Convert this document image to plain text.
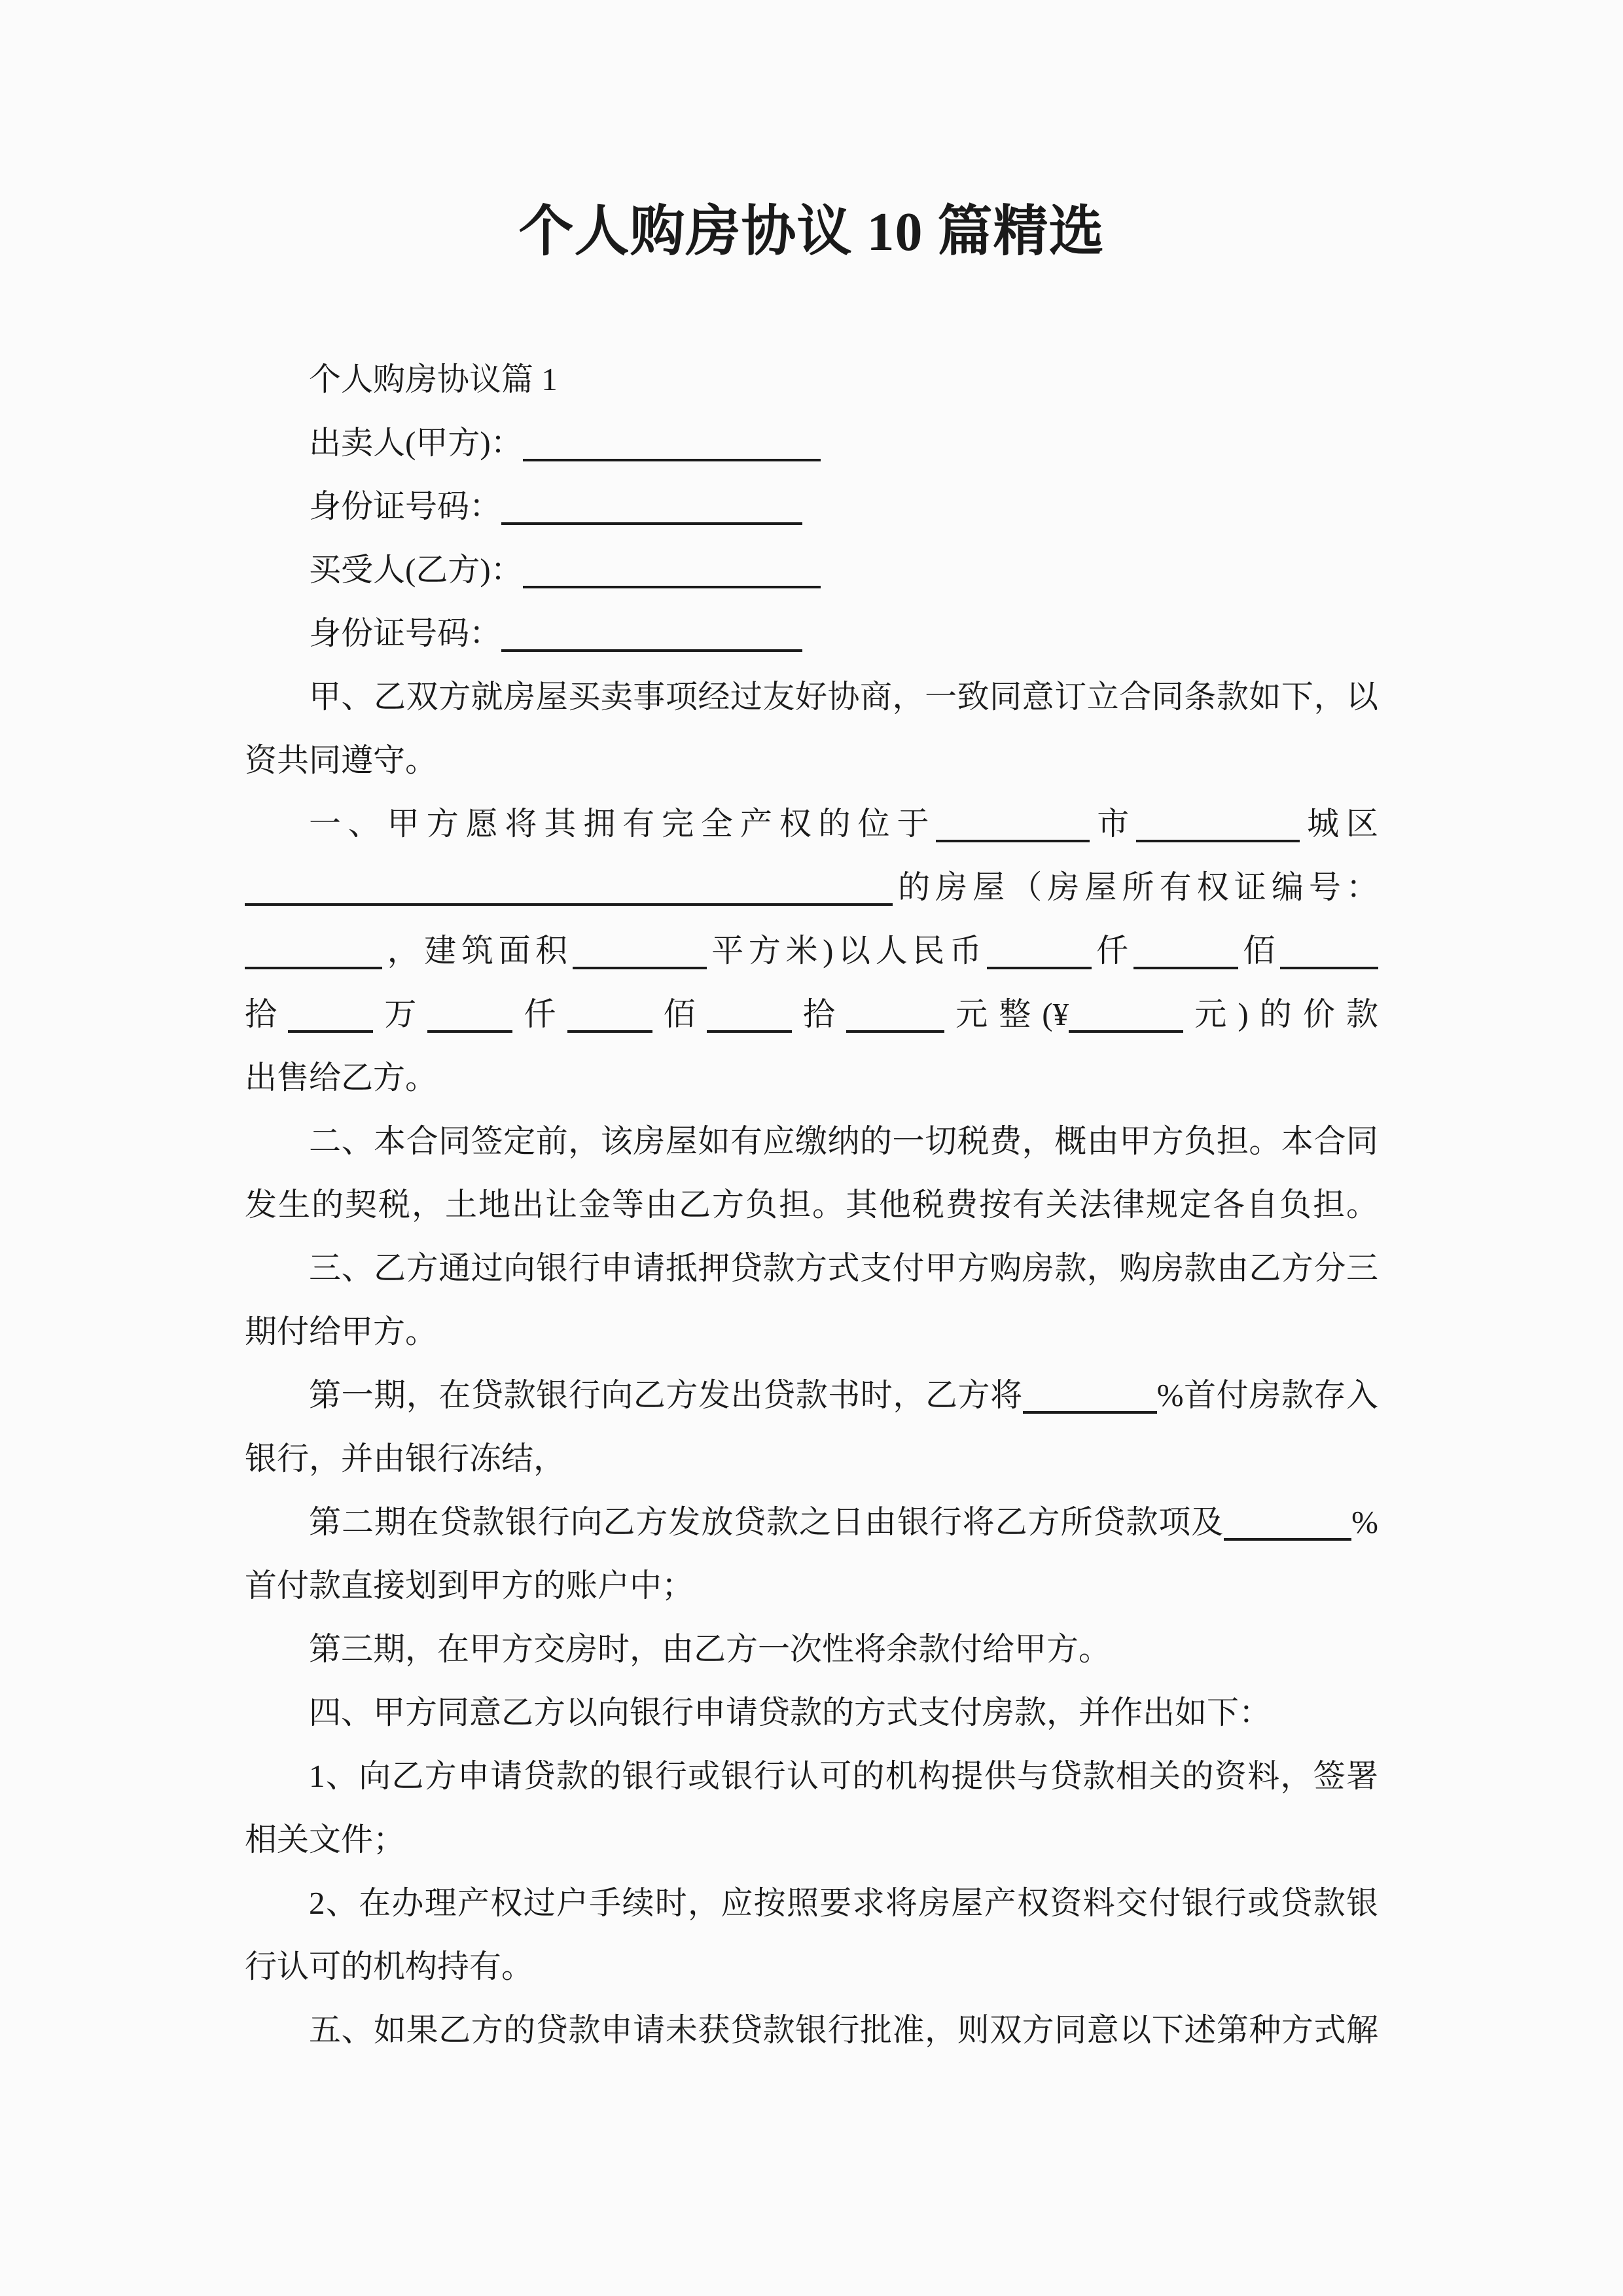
个人购房协议 10 篇精选
个人购房协议篇 1
出卖人(甲方)：
身份证号码：
买受人(乙方)：
身份证号码：
甲、乙双方就房屋买卖事项经过友好协商，一致同意订立合同条款如下，以
资共同遵守。
一、甲方愿将其拥有完全产权的位于	市	城区
的房屋（房屋所有权证编号：
，建筑面积	平方米)以人民币	仟	佰
拾	万	仟	佰	拾	元整(¥	元)的价款
出售给乙方。
二、本合同签定前，该房屋如有应缴纳的一切税费，概由甲方负担。本合同
发生的契税，土地出让金等由乙方负担。其他税费按有关法律规定各自负担。
三、乙方通过向银行申请抵押贷款方式支付甲方购房款，购房款由乙方分三
期付给甲方。
第一期，在贷款银行向乙方发出贷款书时，乙方将	%首付房款存入
银行，并由银行冻结，
第二期在贷款银行向乙方发放贷款之日由银行将乙方所贷款项及	%
首付款直接划到甲方的账户中；
第三期，在甲方交房时，由乙方一次性将余款付给甲方。
四、甲方同意乙方以向银行申请贷款的方式支付房款，并作出如下：
1、向乙方申请贷款的银行或银行认可的机构提供与贷款相关的资料，签署
相关文件；
2、在办理产权过户手续时，应按照要求将房屋产权资料交付银行或贷款银
行认可的机构持有。
五、如果乙方的贷款申请未获贷款银行批准，则双方同意以下述第种方式解
